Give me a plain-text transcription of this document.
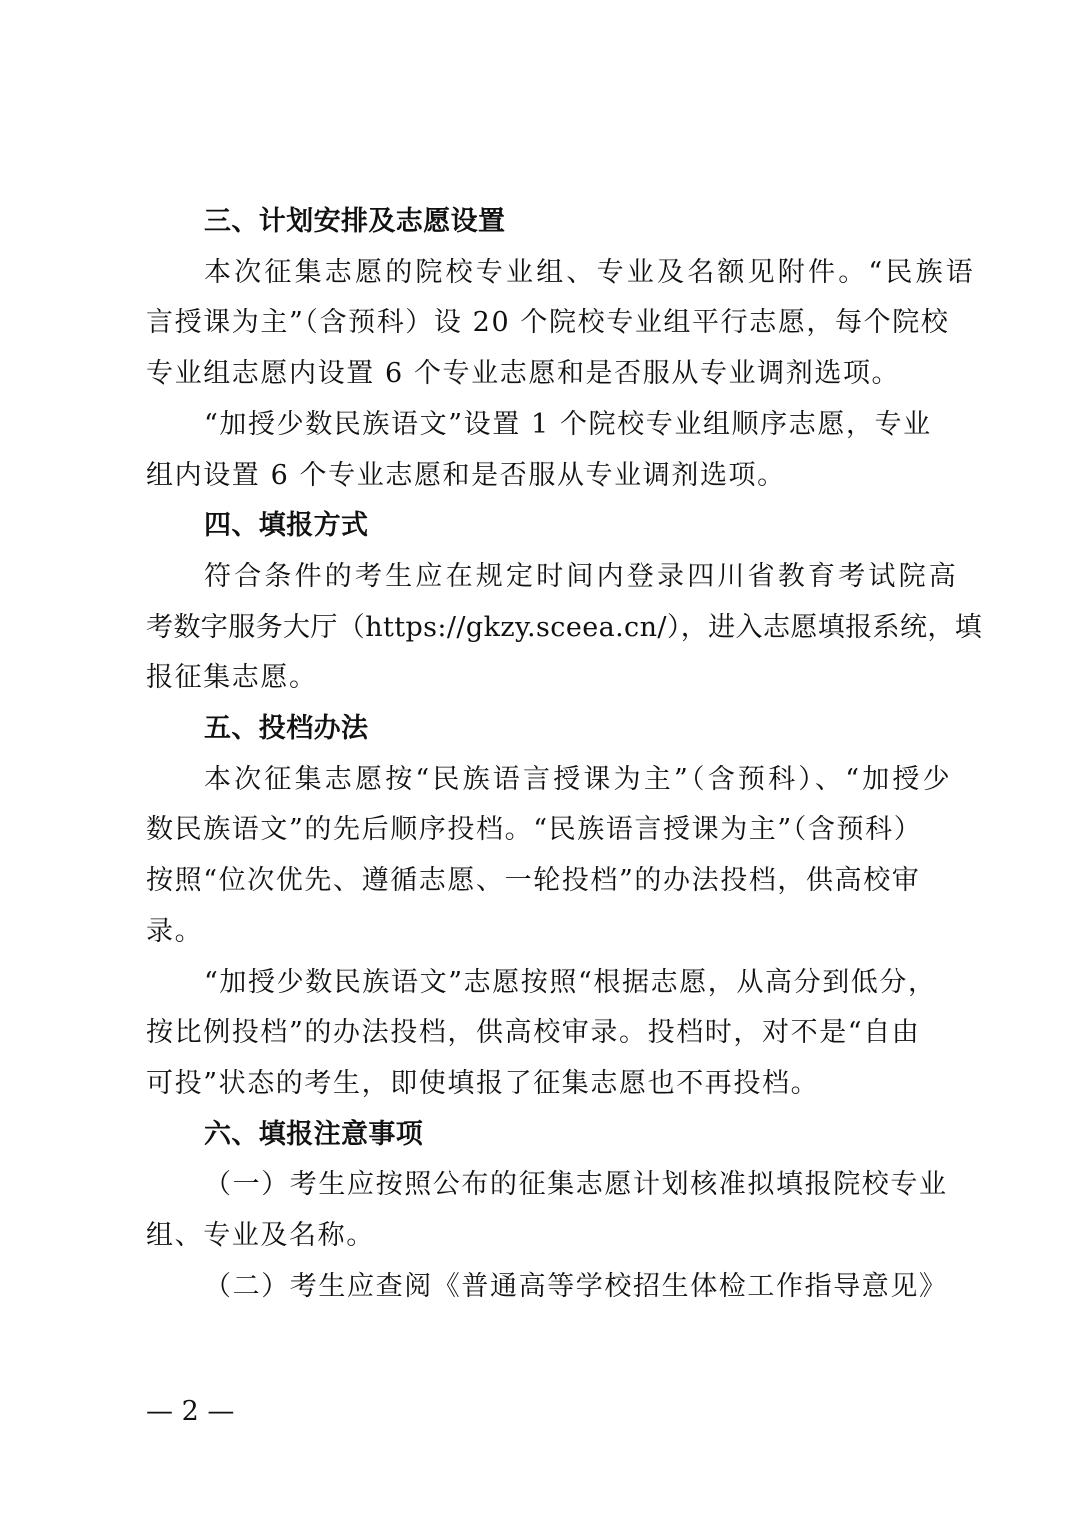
三、计划安排及志愿设置

本次征集志愿的院校专业组、专业及名额见附件。“民族语
言授课为主”（含预科）设 20 个院校专业组平行志愿，每个院校
专业组志愿内设置 6 个专业志愿和是否服从专业调剂选项。

“加授少数民族语文”设置 1 个院校专业组顺序志愿，专业
组内设置 6 个专业志愿和是否服从专业调剂选项。

四、填报方式

符合条件的考生应在规定时间内登录四川省教育考试院高
考数字服务大厅（https://gkzy.sceea.cn/），进入志愿填报系统，填
报征集志愿。

五、投档办法

本次征集志愿按“民族语言授课为主”（含预科）、“加授少
数民族语文”的先后顺序投档。“民族语言授课为主”（含预科）
按照“位次优先、遵循志愿、一轮投档”的办法投档，供高校审
录。

“加授少数民族语文”志愿按照“根据志愿，从高分到低分，
按比例投档”的办法投档，供高校审录。投档时，对不是“自由
可投”状态的考生，即使填报了征集志愿也不再投档。

六、填报注意事项

（一）考生应按照公布的征集志愿计划核准拟填报院校专业
组、专业及名称。

（二）考生应查阅《普通高等学校招生体检工作指导意见》

— 2 —
